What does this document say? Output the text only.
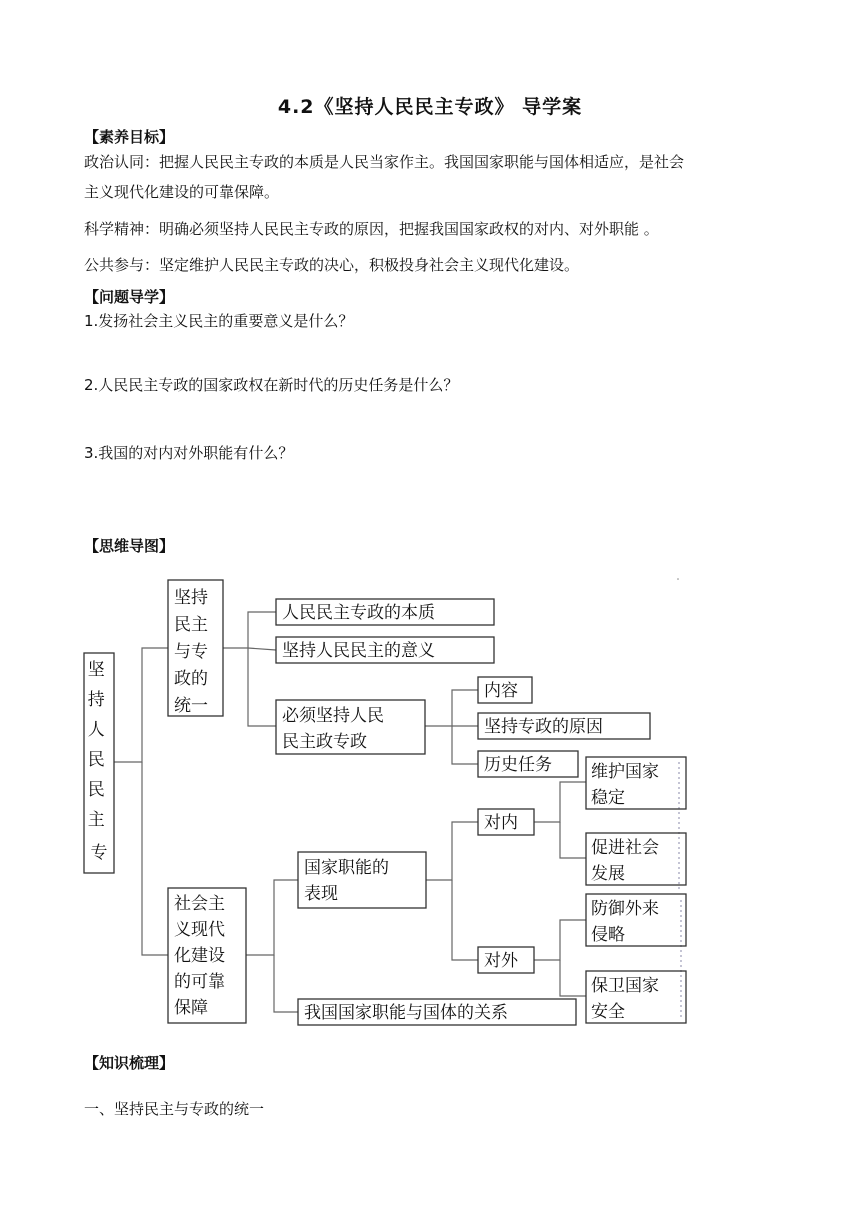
4.2《坚持人民民主专政》 导学案
【素养目标】
政治认同：把握人民民主专政的本质是人民当家作主。我国国家职能与国体相适应，是社会
主义现代化建设的可靠保障。
科学精神：明确必须坚持人民民主专政的原因，把握我国国家政权的对内、对外职能 。
公共参与：坚定维护人民民主专政的决心，积极投身社会主义现代化建设。
【问题导学】
1.发扬社会主义民主的重要意义是什么？
2.人民民主专政的国家政权在新时代的历史任务是什么？
3.我国的对内对外职能有什么？
【思维导图】
坚 持 人 民 民 主 专
坚持 民主 与专 政的 统一
社会主 义现代 化建设 的可靠 保障
人民民主专政的本质
坚持人民民主的意义
必须坚持人民 民主政专政
内容
坚持专政的原因
历史任务
国家职能的 表现
我国国家职能与国体的关系
对内
对外
维护国家 稳定
促进社会 发展
防御外来 侵略
保卫国家 安全
【知识梳理】
一、坚持民主与专政的统一
